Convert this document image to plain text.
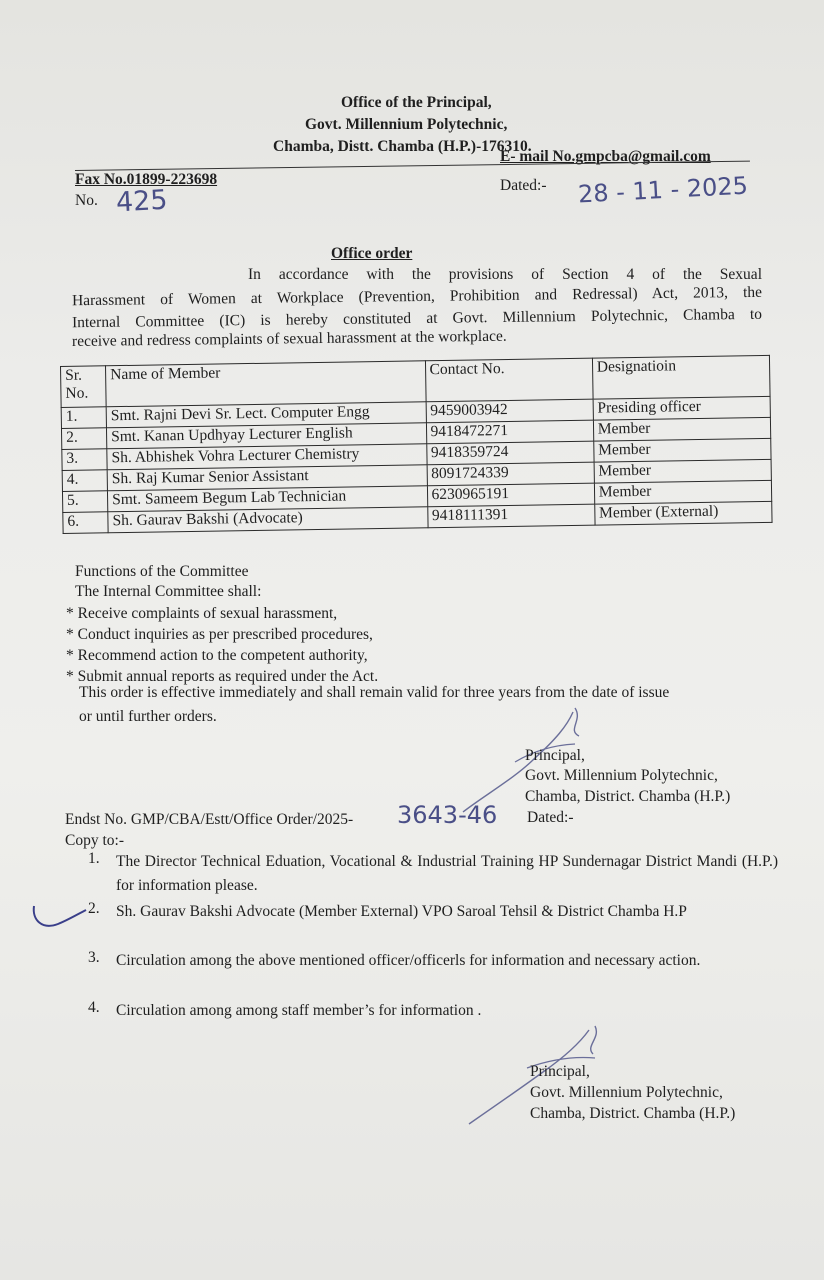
Office of the Principal,
Govt. Millennium Polytechnic,
Chamba, Distt. Chamba (H.P.)-176310.
E- mail No.gmpcba@gmail.com
Fax No.01899-223698
No. 425	Dated:- 28 - 11 - 2025
Office order
In accordance with the provisions of Section 4 of the Sexual
Harassment of Women at Workplace (Prevention, Prohibition and Redressal) Act, 2013, the
Internal Committee (IC) is hereby constituted at Govt. Millennium Polytechnic, Chamba to
receive and redress complaints of sexual harassment at the workplace.
Sr. No.	Name of Member	Contact No.	Designatioin
1.	Smt. Rajni Devi Sr. Lect. Computer Engg	9459003942	Presiding officer
2.	Smt. Kanan Updhyay Lecturer English	9418472271	Member
3.	Sh. Abhishek Vohra Lecturer Chemistry	9418359724	Member
4.	Sh. Raj Kumar Senior Assistant	8091724339	Member
5.	Smt. Sameem Begum Lab Technician	6230965191	Member
6.	Sh. Gaurav Bakshi (Advocate)	9418111391	Member (External)
Functions of the Committee
The Internal Committee shall:
* Receive complaints of sexual harassment,
* Conduct inquiries as per prescribed procedures,
* Recommend action to the competent authority,
* Submit annual reports as required under the Act.
This order is effective immediately and shall remain valid for three years from the date of issue
or until further orders.
Principal,
Govt. Millennium Polytechnic,
Chamba, District. Chamba (H.P.)
Endst No. GMP/CBA/Estt/Office Order/2025- 3643-46 Dated:-
Copy to:-
1. The Director Technical Eduation, Vocational & Industrial Training HP Sundernagar District Mandi (H.P.) for information please.
2. Sh. Gaurav Bakshi Advocate (Member External) VPO Saroal Tehsil & District Chamba H.P
3. Circulation among the above mentioned officer/officerls for information and necessary action.
4. Circulation among among staff member’s for information .
Principal,
Govt. Millennium Polytechnic,
Chamba, District. Chamba (H.P.)
